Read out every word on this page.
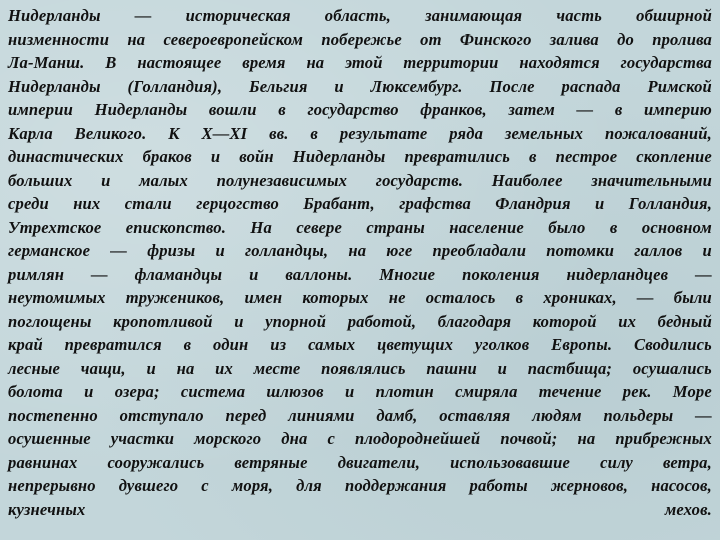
Нидерланды — историческая область, занимающая часть обширной
низменности на североевропейском побережье от Финского залива до пролива
Ла-Манш. В настоящее время на этой территории находятся государства
Нидерланды (Голландия), Бельгия и Люксембург. После распада Римской
империи Нидерланды вошли в государство франков, затем — в империю
Карла Великого. К X—XI вв. в результате ряда земельных пожалований,
династических браков и войн Нидерланды превратились в пестрое скопление
больших и малых полунезависимых государств. Наиболее значительными
среди них стали герцогство Брабант, графства Фландрия и Голландия,
Утрехтское епископство. На севере страны население было в основном
германское — фризы и голландцы, на юге преобладали потомки галлов и
римлян — фламандцы и валлоны. Многие поколения нидерландцев —
неутомимых тружеников, имен которых не осталось в хрониках, — были
поглощены кропотливой и упорной работой, благодаря которой их бедный
край превратился в один из самых цветущих уголков Европы. Сводились
лесные чащи, и на их месте появлялись пашни и пастбища; осушались
болота и озера; система шлюзов и плотин смиряла течение рек. Море
постепенно отступало перед линиями дамб, оставляя людям польдеры —
осушенные участки морского дна с плодороднейшей почвой; на прибрежных
равнинах сооружались ветряные двигатели, использовавшие силу ветра,
непрерывно дувшего с моря, для поддержания работы жерновов, насосов,
кузнечных	мехов.
